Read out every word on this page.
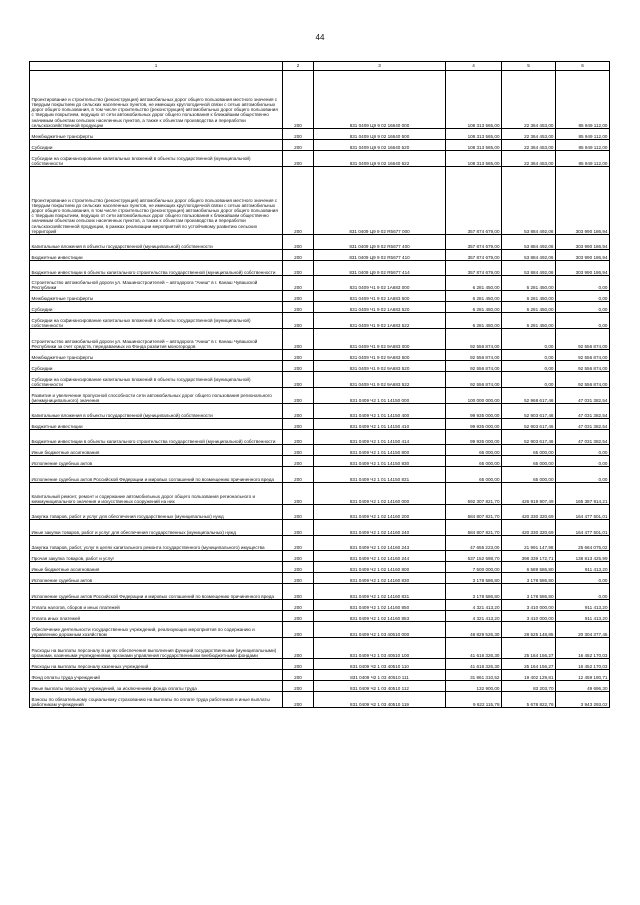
44
1	2	3	4	5	6
Проектирование и строительство (реконструкция) автомобильных дорог общего пользования местного значения с твердым покрытием до сельских населенных пунктов, не имеющих круглогодичной связи с сетью автомобильных дорог общего пользования, в том числе строительство (реконструкция) автомобильных дорог общего пользования с твердым покрытием, ведущих от сети автомобильных дорог общего пользования к ближайшим общественно значимым объектам сельских населенных пунктов, а также к объектам производства и переработки сельскохозяйственной продукции	200	831 0409 Ц9 9 02 16640 000	108 313 565,00	22 364 453,00	85 949 112,00
Межбюджетные трансферты	200	831 0409 Ц9 9 02 16640 500	108 313 565,00	22 364 453,00	85 949 112,00
Субсидии	200	831 0409 Ц9 9 02 16640 520	108 313 565,00	22 364 453,00	85 949 112,00
Субсидии на софинансирование капитальных вложений в объекты государственной (муниципальной) собственности	200	831 0409 Ц9 9 02 16640 522	108 313 565,00	22 364 453,00	85 949 112,00
Проектирование и строительство (реконструкция) автомобильных дорог общего пользования местного значения с твердым покрытием до сельских населенных пунктов, не имеющих круглогодичной связи с сетью автомобильных дорог общего пользования, в том числе строительство (реконструкция) автомобильных дорог общего пользования с твердым покрытием, ведущих от сети автомобильных дорог общего пользования к ближайшим общественно значимым объектам сельских населенных пунктов, а также к объектам производства и переработки сельскохозяйственной продукции, в рамках реализации мероприятий по устойчивому развитию сельских территорий	200	831 0409 Ц9 9 02 R5677 000	357 874 679,00	53 884 492,06	303 990 186,94
Капитальные вложения в объекты государственной (муниципальной) собственности	200	831 0409 Ц9 9 02 R5677 400	357 874 679,00	53 884 492,06	303 990 186,94
Бюджетные инвестиции	200	831 0409 Ц9 9 02 R5677 410	357 874 679,00	53 884 492,06	303 990 186,94
Бюджетные инвестиции в объекты капитального строительства государственной (муниципальной) собственности	200	831 0409 Ц9 9 02 R5677 414	357 874 679,00	53 884 492,06	303 990 186,94
Строительство автомобильной дороги ул. Машиностроителей – автодорога "Аниш" в г. Канаш Чувашской Республики	200	831 0409 Ч1 9 02 1А683 000	6 281 450,00	6 281 450,00	0,00
Межбюджетные трансферты	200	831 0409 Ч1 9 02 1А683 500	6 281 450,00	6 281 450,00	0,00
Субсидии	200	831 0409 Ч1 9 02 1А683 520	6 281 450,00	6 281 450,00	0,00
Субсидии на софинансирование капитальных вложений в объекты государственной (муниципальной) собственности	200	831 0409 Ч1 9 02 1А683 522	6 281 450,00	6 281 450,00	0,00
Строительство автомобильной дороги ул. Машиностроителей – автодорога "Аниш" в г. Канаш Чувашской Республики за счет средств, передаваемых из Фонда развития моногородов	200	831 0409 Ч1 9 02 9А683 000	92 556 874,00	0,00	92 556 874,00
Межбюджетные трансферты	200	831 0409 Ч1 9 02 9А683 500	92 556 874,00	0,00	92 556 874,00
Субсидии	200	831 0409 Ч1 9 02 9А683 520	92 556 874,00	0,00	92 556 874,00
Субсидии на софинансирование капитальных вложений в объекты государственной (муниципальной) собственности	200	831 0409 Ч1 9 02 9А683 522	92 556 874,00	0,00	92 556 874,00
Развитие и увеличение пропускной способности сети автомобильных дорог общего пользования регионального (межмуниципального) значения	200	831 0409 Ч2 1 01 14150 000	100 000 000,00	52 968 617,46	47 031 382,54
Капитальные вложения в объекты государственной (муниципальной) собственности	200	831 0409 Ч2 1 01 14150 400	99 935 000,00	52 903 617,46	47 031 382,54
Бюджетные инвестиции	200	831 0409 Ч2 1 01 14150 410	99 935 000,00	52 903 617,46	47 031 382,54
Бюджетные инвестиции в объекты капитального строительства государственной (муниципальной) собственности	200	831 0409 Ч2 1 01 14150 414	99 935 000,00	52 903 617,46	47 031 382,54
Иные бюджетные ассигнования	200	831 0409 Ч2 1 01 14150 800	65 000,00	65 000,00	0,00
Исполнение судебных актов	200	831 0409 Ч2 1 01 14150 830	65 000,00	65 000,00	0,00
Исполнение судебных актов Российской Федерации и мировых соглашений по возмещению причиненного вреда	200	831 0409 Ч2 1 01 14150 831	65 000,00	65 000,00	0,00
Капитальный ремонт, ремонт и содержание автомобильных дорог общего пользования регионального и межмуниципального значения и искусственных сооружений на них	200	831 0409 Ч2 1 02 14160 000	592 307 821,70	426 919 907,49	165 387 914,21
Закупка товаров, работ и услуг для обеспечения государственных (муниципальных) нужд	200	831 0409 Ч2 1 02 14160 200	584 807 821,70	420 330 320,69	164 477 501,01
Иные закупки товаров, работ и услуг для обеспечения государственных (муниципальных) нужд	200	831 0409 Ч2 1 02 14160 240	584 807 821,70	420 330 320,69	164 477 501,01
Закупка товаров, работ, услуг в целях капитального ремонта государственного (муниципального) имущества	200	831 0409 Ч2 1 02 14160 243	47 655 223,00	21 991 147,98	25 664 075,02
Прочая закупка товаров, работ и услуг	200	831 0409 Ч2 1 02 14160 244	537 152 598,70	398 339 172,71	138 813 425,99
Иные бюджетные ассигнования	200	831 0409 Ч2 1 02 14160 800	7 500 000,00	6 589 586,80	911 413,20
Исполнение судебных актов	200	831 0409 Ч2 1 02 14160 830	3 178 586,80	3 178 586,80	0,00
Исполнение судебных актов Российской Федерации и мировых соглашений по возмещению причиненного вреда	200	831 0409 Ч2 1 02 14160 831	3 178 586,80	3 178 586,80	0,00
Уплата налогов, сборов и иных платежей	200	831 0409 Ч2 1 02 14160 850	4 321 413,20	3 410 000,00	911 413,20
Уплата иных платежей	200	831 0409 Ч2 1 02 14160 853	4 321 413,20	3 410 000,00	911 413,20
Обеспечение деятельности государственных учреждений, реализующих мероприятия по содержанию и управлению дорожным хозяйством	200	831 0409 Ч2 1 03 40510 000	48 829 526,30	28 525 148,85	20 304 377,45
Расходы на выплаты персоналу в целях обеспечения выполнения функций государственными (муниципальными) органами, казенными учреждениями, органами управления государственными внебюджетными фондами	200	831 0409 Ч2 1 03 40510 100	41 616 326,30	25 164 156,27	16 452 170,03
Расходы на выплаты персоналу казенных учреждений	200	831 0409 Ч2 1 03 40510 110	41 616 326,30	25 164 156,27	16 452 170,03
Фонд оплаты труда учреждений	200	831 0409 Ч2 1 03 40510 111	31 861 310,52	19 402 129,81	12 459 180,71
Иные выплаты персоналу учреждений, за исключением фонда оплаты труда	200	831 0409 Ч2 1 03 40510 112	132 900,00	83 203,70	49 696,30
Взносы по обязательному социальному страхованию на выплаты по оплате труда работников и иные выплаты работникам учреждений	200	831 0409 Ч2 1 03 40510 119	9 622 115,78	5 678 822,76	3 943 293,02
